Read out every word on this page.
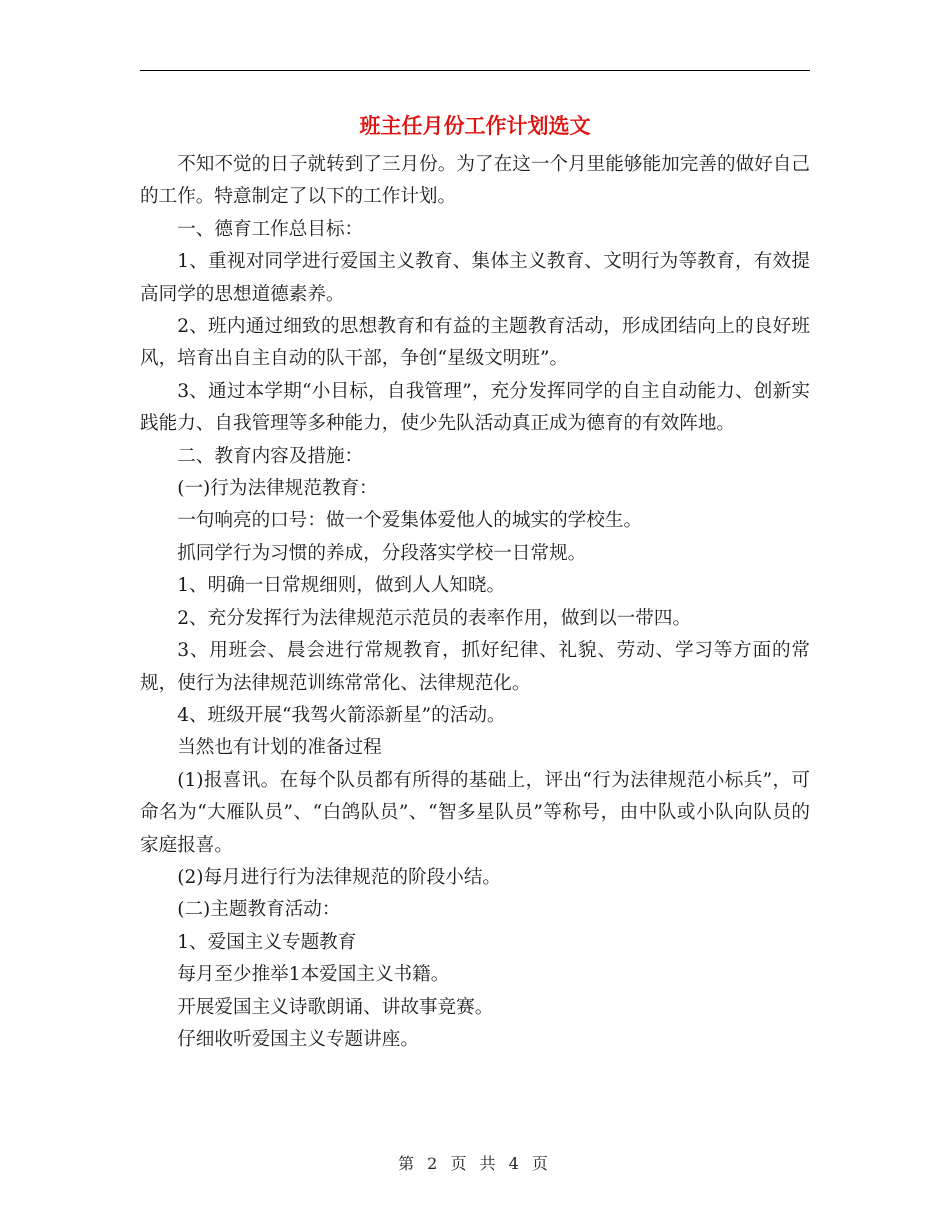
班主任月份工作计划选文

不知不觉的日子就转到了三月份。为了在这一个月里能够能加完善的做好自己的工作。特意制定了以下的工作计划。

一、德育工作总目标：

1、重视对同学进行爱国主义教育、集体主义教育、文明行为等教育，有效提高同学的思想道德素养。

2、班内通过细致的思想教育和有益的主题教育活动，形成团结向上的良好班风，培育出自主自动的队干部，争创“星级文明班”。

3、通过本学期“小目标，自我管理”，充分发挥同学的自主自动能力、创新实践能力、自我管理等多种能力，使少先队活动真正成为德育的有效阵地。

二、教育内容及措施：

(一)行为法律规范教育：

一句响亮的口号：做一个爱集体爱他人的城实的学校生。

抓同学行为习惯的养成，分段落实学校一日常规。

1、明确一日常规细则，做到人人知晓。

2、充分发挥行为法律规范示范员的表率作用，做到以一带四。

3、用班会、晨会进行常规教育，抓好纪律、礼貌、劳动、学习等方面的常规，使行为法律规范训练常常化、法律规范化。

4、班级开展“我驾火箭添新星”的活动。

当然也有计划的准备过程

(1)报喜讯。在每个队员都有所得的基础上，评出“行为法律规范小标兵”，可命名为“大雁队员”、“白鸽队员”、“智多星队员”等称号，由中队或小队向队员的家庭报喜。

(2)每月进行行为法律规范的阶段小结。

(二)主题教育活动：

1、爱国主义专题教育

每月至少推举1本爱国主义书籍。

开展爱国主义诗歌朗诵、讲故事竞赛。

仔细收听爱国主义专题讲座。

第 2 页 共 4 页
